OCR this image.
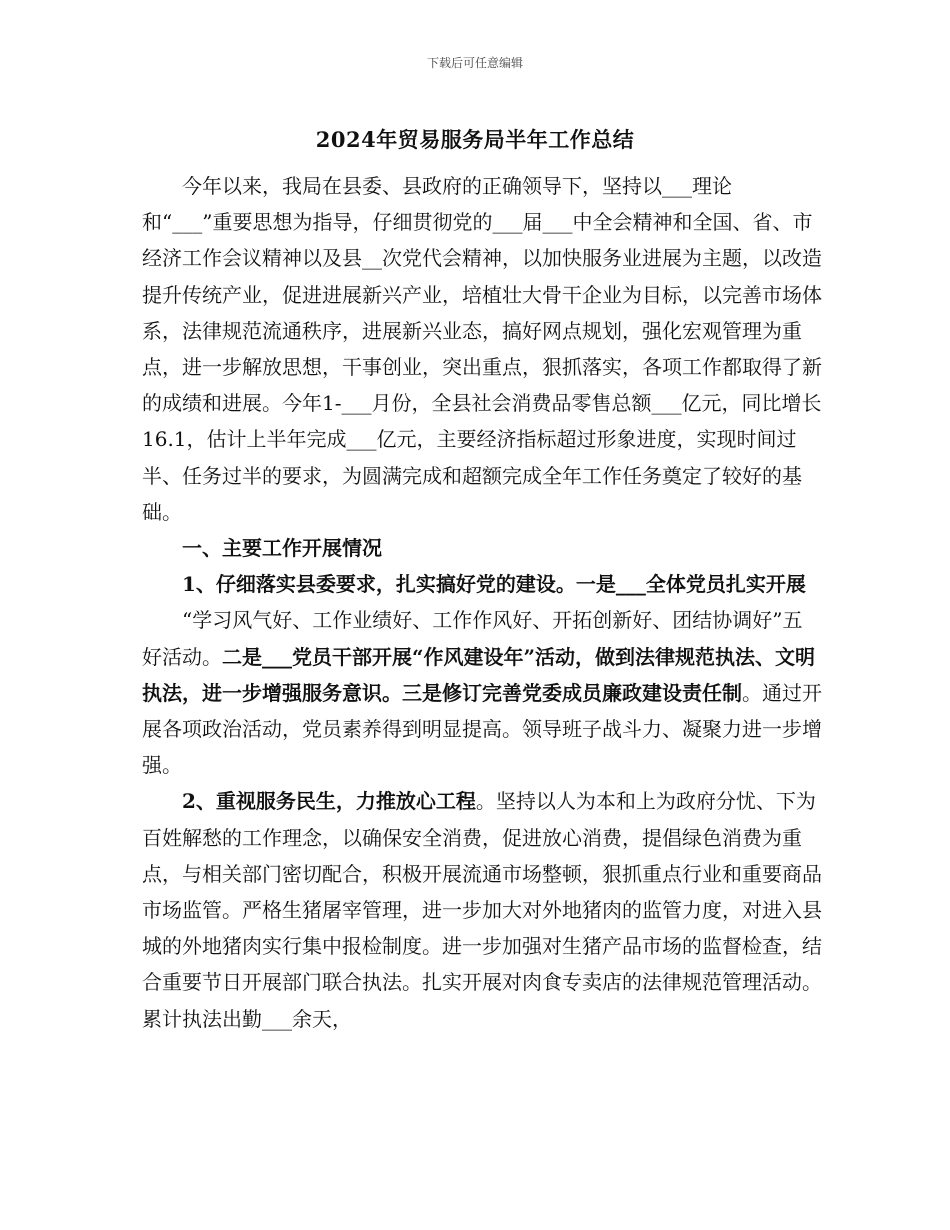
下载后可任意编辑
2024年贸易服务局半年工作总结

今年以来，我局在县委、县政府的正确领导下，坚持以___理论和“___”重要思想为指导，仔细贯彻党的___届___中全会精神和全国、省、市经济工作会议精神以及县__次党代会精神，以加快服务业进展为主题，以改造提升传统产业，促进进展新兴产业，培植壮大骨干企业为目标，以完善市场体系，法律规范流通秩序，进展新兴业态，搞好网点规划，强化宏观管理为重点，进一步解放思想，干事创业，突出重点，狠抓落实，各项工作都取得了新的成绩和进展。今年1-___月份，全县社会消费品零售总额___亿元，同比增长16.1，估计上半年完成___亿元，主要经济指标超过形象进度，实现时间过半、任务过半的要求，为圆满完成和超额完成全年工作任务奠定了较好的基础。

一、主要工作开展情况

1、仔细落实县委要求，扎实搞好党的建设。一是___全体党员扎实开展

“学习风气好、工作业绩好、工作作风好、开拓创新好、团结协调好”五好活动。二是___党员干部开展“作风建设年”活动，做到法律规范执法、文明执法，进一步增强服务意识。三是修订完善党委成员廉政建设责任制。通过开展各项政治活动，党员素养得到明显提高。领导班子战斗力、凝聚力进一步增强。

2、重视服务民生，力推放心工程。坚持以人为本和上为政府分忧、下为百姓解愁的工作理念，以确保安全消费，促进放心消费，提倡绿色消费为重点，与相关部门密切配合，积极开展流通市场整顿，狠抓重点行业和重要商品市场监管。严格生猪屠宰管理，进一步加大对外地猪肉的监管力度，对进入县城的外地猪肉实行集中报检制度。进一步加强对生猪产品市场的监督检查，结合重要节日开展部门联合执法。扎实开展对肉食专卖店的法律规范管理活动。累计执法出勤___余天，
